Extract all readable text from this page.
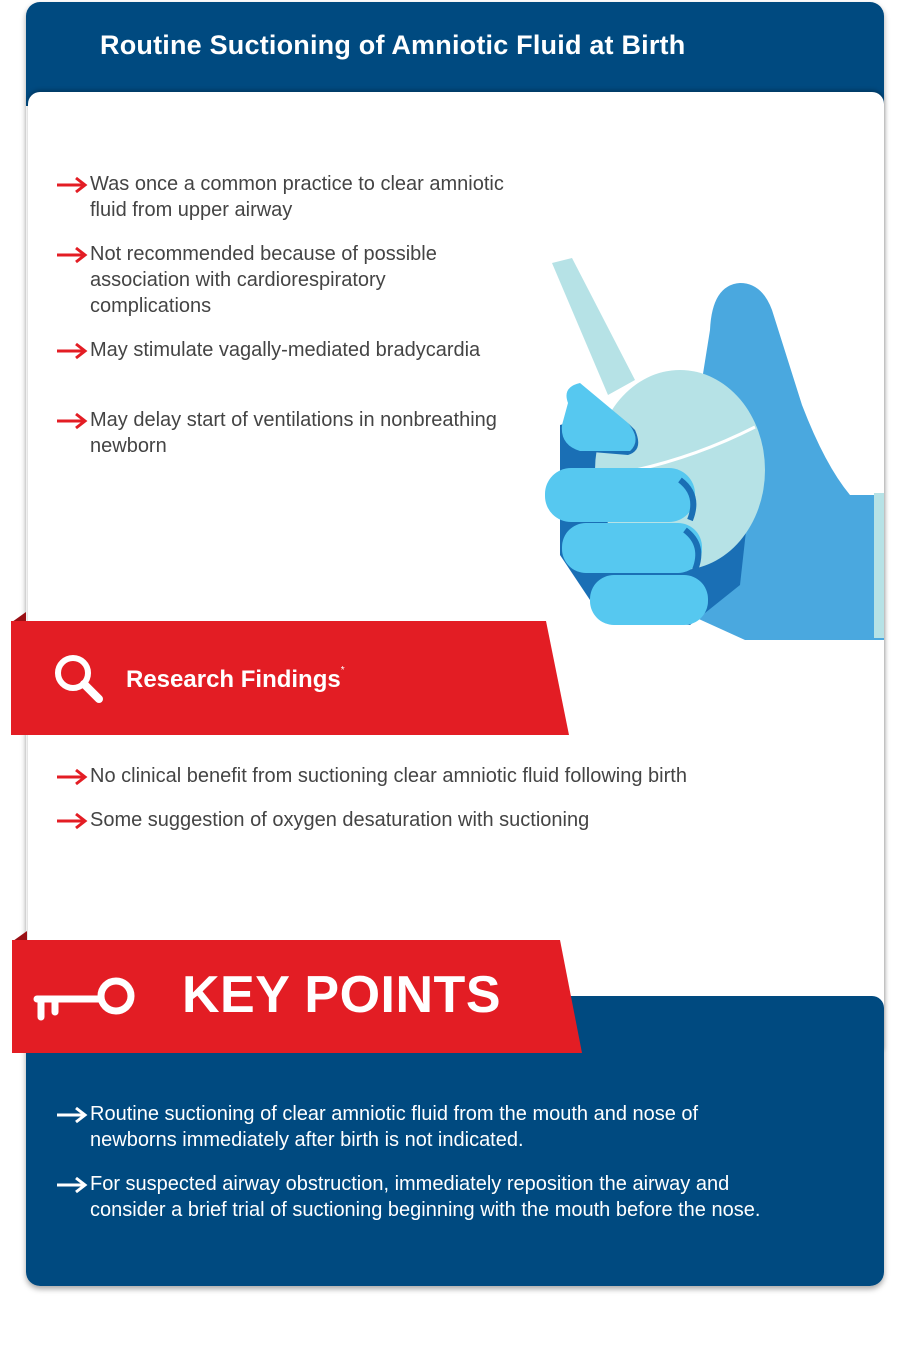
Routine Suctioning of Amniotic Fluid at Birth
Was once a common practice to clear amniotic fluid from upper airway
Not recommended because of possible association with cardiorespiratory complications
May stimulate vagally-mediated bradycardia
May delay start of ventilations in nonbreathing newborn
Research Findings*
No clinical benefit from suctioning clear amniotic fluid following birth
Some suggestion of oxygen desaturation with suctioning
KEY POINTS
Routine suctioning of clear amniotic fluid from the mouth and nose of newborns immediately after birth is not indicated.
For suspected airway obstruction, immediately reposition the airway and consider a brief trial of suctioning beginning with the mouth before the nose.
